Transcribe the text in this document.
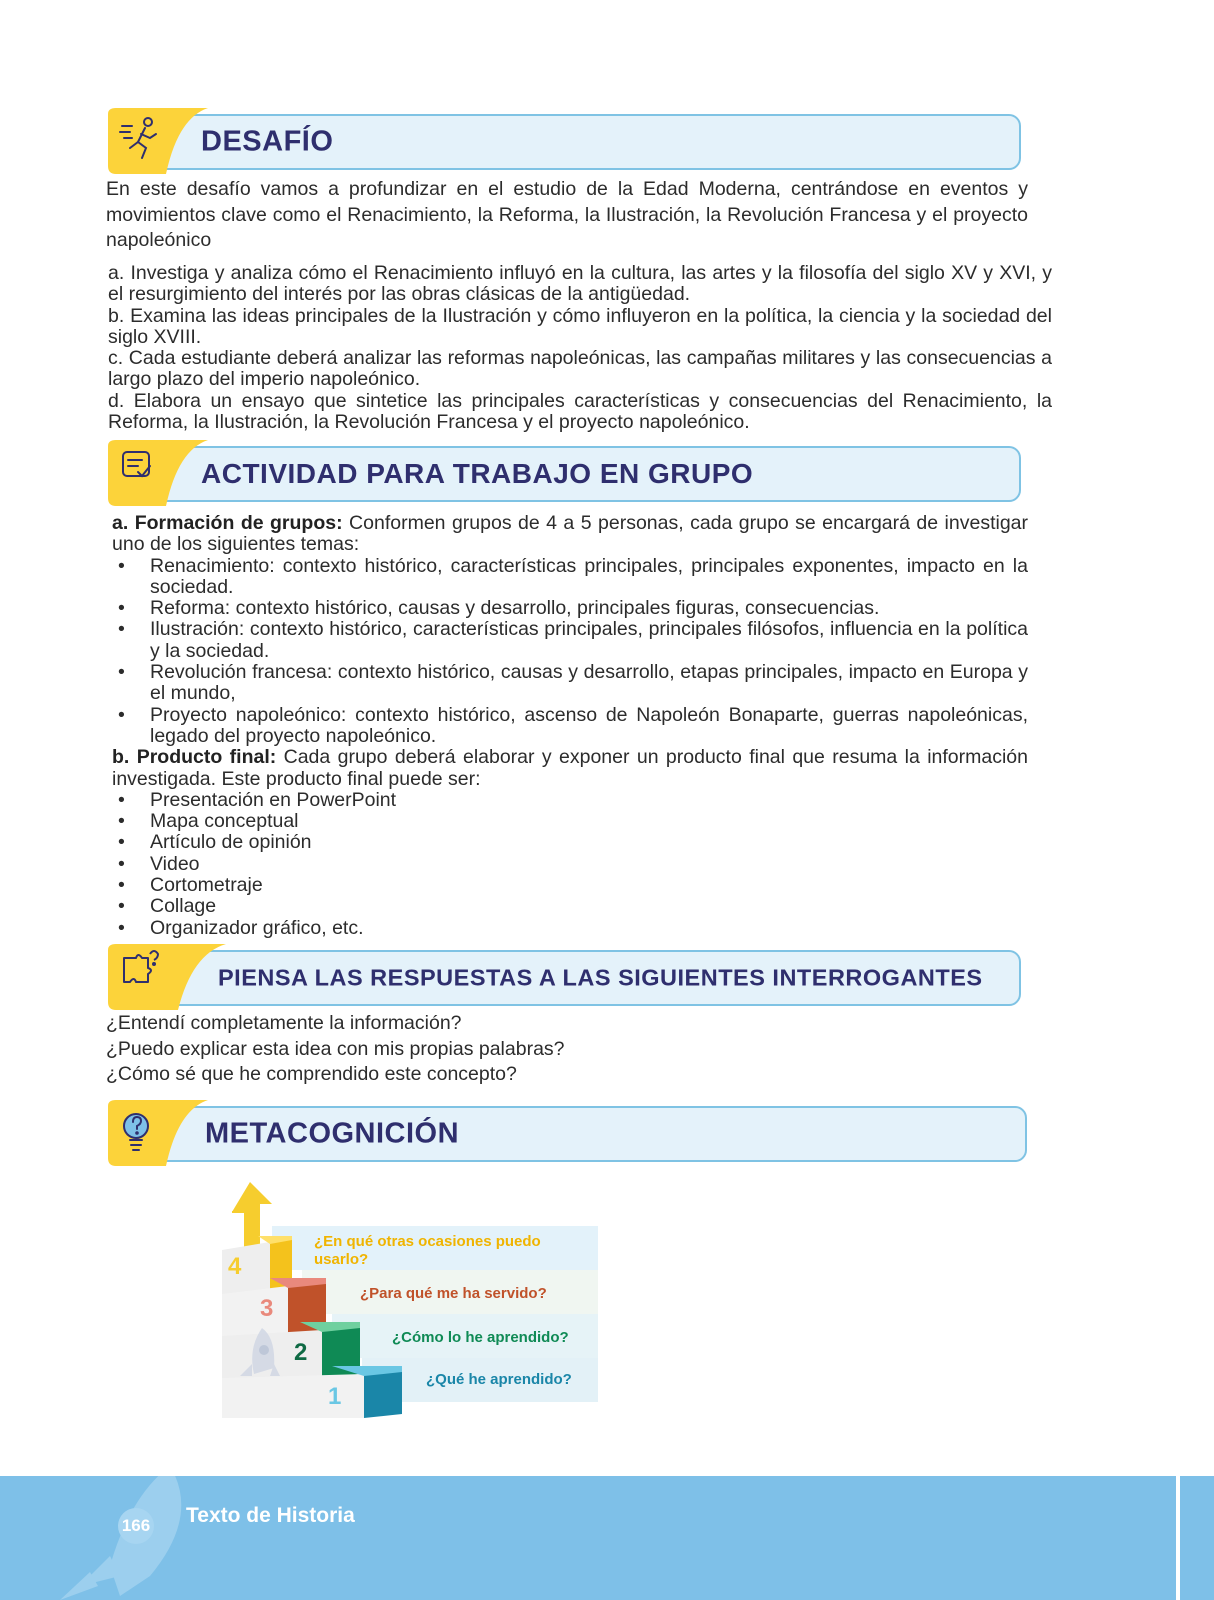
DESAFÍO
En este desafío vamos a profundizar en el estudio de la Edad Moderna, centrándose en eventos y movimientos clave como el Renacimiento, la Reforma, la Ilustración, la Revolución Francesa y el proyecto napoleónico
a. Investiga y analiza cómo el Renacimiento influyó en la cultura, las artes y la filosofía del siglo XV y XVI, y el resurgimiento del interés por las obras clásicas de la antigüedad.
b. Examina las ideas principales de la Ilustración y cómo influyeron en la política, la ciencia y la sociedad del siglo XVIII.
c. Cada estudiante deberá analizar las reformas napoleónicas, las campañas militares y las consecuencias a largo plazo del imperio napoleónico.
d. Elabora un ensayo que sintetice las principales características y consecuencias del Renacimiento, la Reforma, la Ilustración, la Revolución Francesa y el proyecto napoleónico.
ACTIVIDAD PARA TRABAJO EN GRUPO
a. Formación de grupos: Conformen grupos de 4 a 5 personas, cada grupo se encargará de investigar uno de los siguientes temas:
• Renacimiento: contexto histórico, características principales, principales exponentes, impacto en la sociedad.
• Reforma: contexto histórico, causas y desarrollo, principales figuras, consecuencias.
• Ilustración: contexto histórico, características principales, principales filósofos, influencia en la política y la sociedad.
• Revolución francesa: contexto histórico, causas y desarrollo, etapas principales, impacto en Europa y el mundo,
• Proyecto napoleónico: contexto histórico, ascenso de Napoleón Bonaparte, guerras napoleónicas, legado del proyecto napoleónico.
b. Producto final: Cada grupo deberá elaborar y exponer un producto final que resuma la información investigada. Este producto final puede ser:
• Presentación en PowerPoint
• Mapa conceptual
• Artículo de opinión
• Video
• Cortometraje
• Collage
• Organizador gráfico, etc.
PIENSA LAS RESPUESTAS A LAS SIGUIENTES INTERROGANTES
¿Entendí completamente la información?
¿Puedo explicar esta idea con mis propias palabras?
¿Cómo sé que he comprendido este concepto?
METACOGNICIÓN
4
3
2
1
¿En qué otras ocasiones puedo
usarlo?
¿Para qué me ha servido?
¿Cómo lo he aprendido?
¿Qué he aprendido?
166 Texto de Historia
